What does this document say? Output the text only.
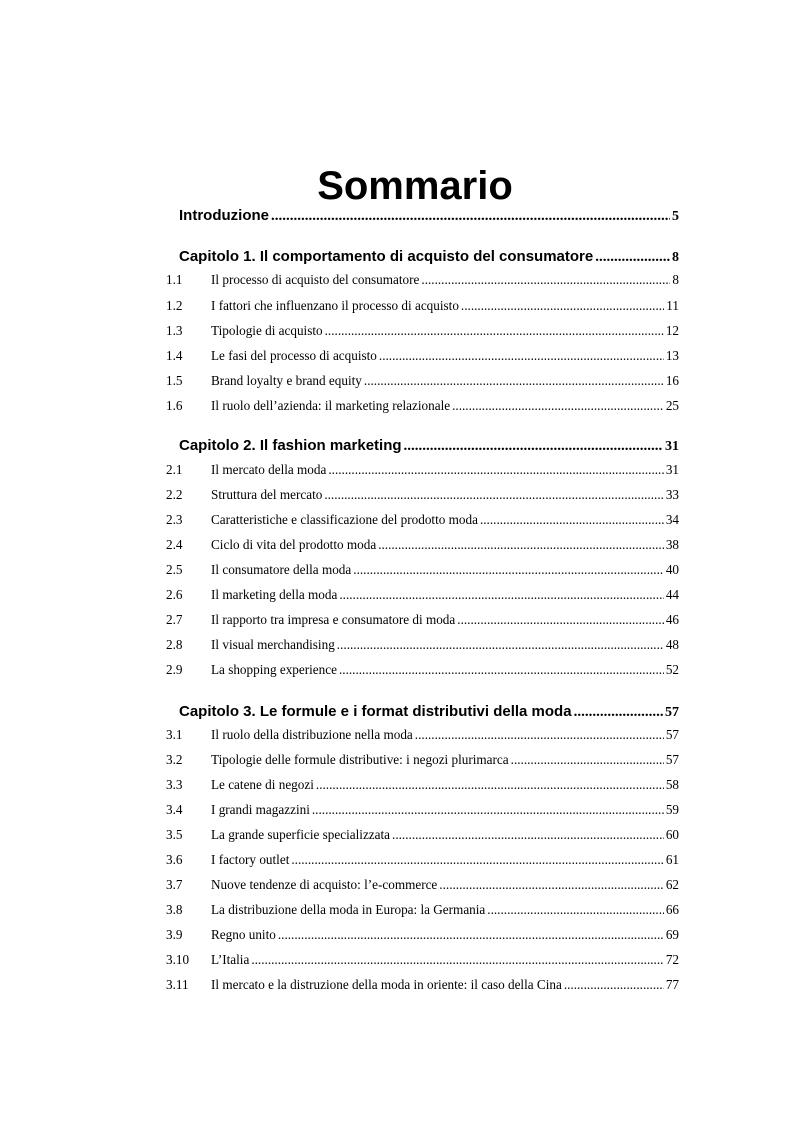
Sommario
Introduzione .....	5
Capitolo 1. Il comportamento di acquisto del consumatore .....	8
1.1 Il processo di acquisto del consumatore .....	8
1.2 I fattori che influenzano il processo di acquisto .....	11
1.3 Tipologie di acquisto .....	12
1.4 Le fasi del processo di acquisto .....	13
1.5 Brand loyalty e brand equity .....	16
1.6 Il ruolo dell’azienda: il marketing relazionale .....	25
Capitolo 2. Il fashion marketing .....	31
2.1 Il mercato della moda .....	31
2.2 Struttura del mercato .....	33
2.3 Caratteristiche e classificazione del prodotto moda .....	34
2.4 Ciclo di vita del prodotto moda .....	38
2.5 Il consumatore della moda .....	40
2.6 Il marketing della moda .....	44
2.7 Il rapporto tra impresa e consumatore di moda .....	46
2.8 Il visual merchandising .....	48
2.9 La shopping experience .....	52
Capitolo 3. Le formule e i format distributivi della moda .....	57
3.1 Il ruolo della distribuzione nella moda .....	57
3.2 Tipologie delle formule distributive: i negozi plurimarca .....	57
3.3 Le catene di negozi .....	58
3.4 I grandi magazzini .....	59
3.5 La grande superficie specializzata .....	60
3.6 I factory outlet .....	61
3.7 Nuove tendenze di acquisto: l’e-commerce .....	62
3.8 La distribuzione della moda in Europa: la Germania .....	66
3.9 Regno unito .....	69
3.10 L’Italia .....	72
3.11 Il mercato e la distruzione della moda in oriente: il caso della Cina .....	77
